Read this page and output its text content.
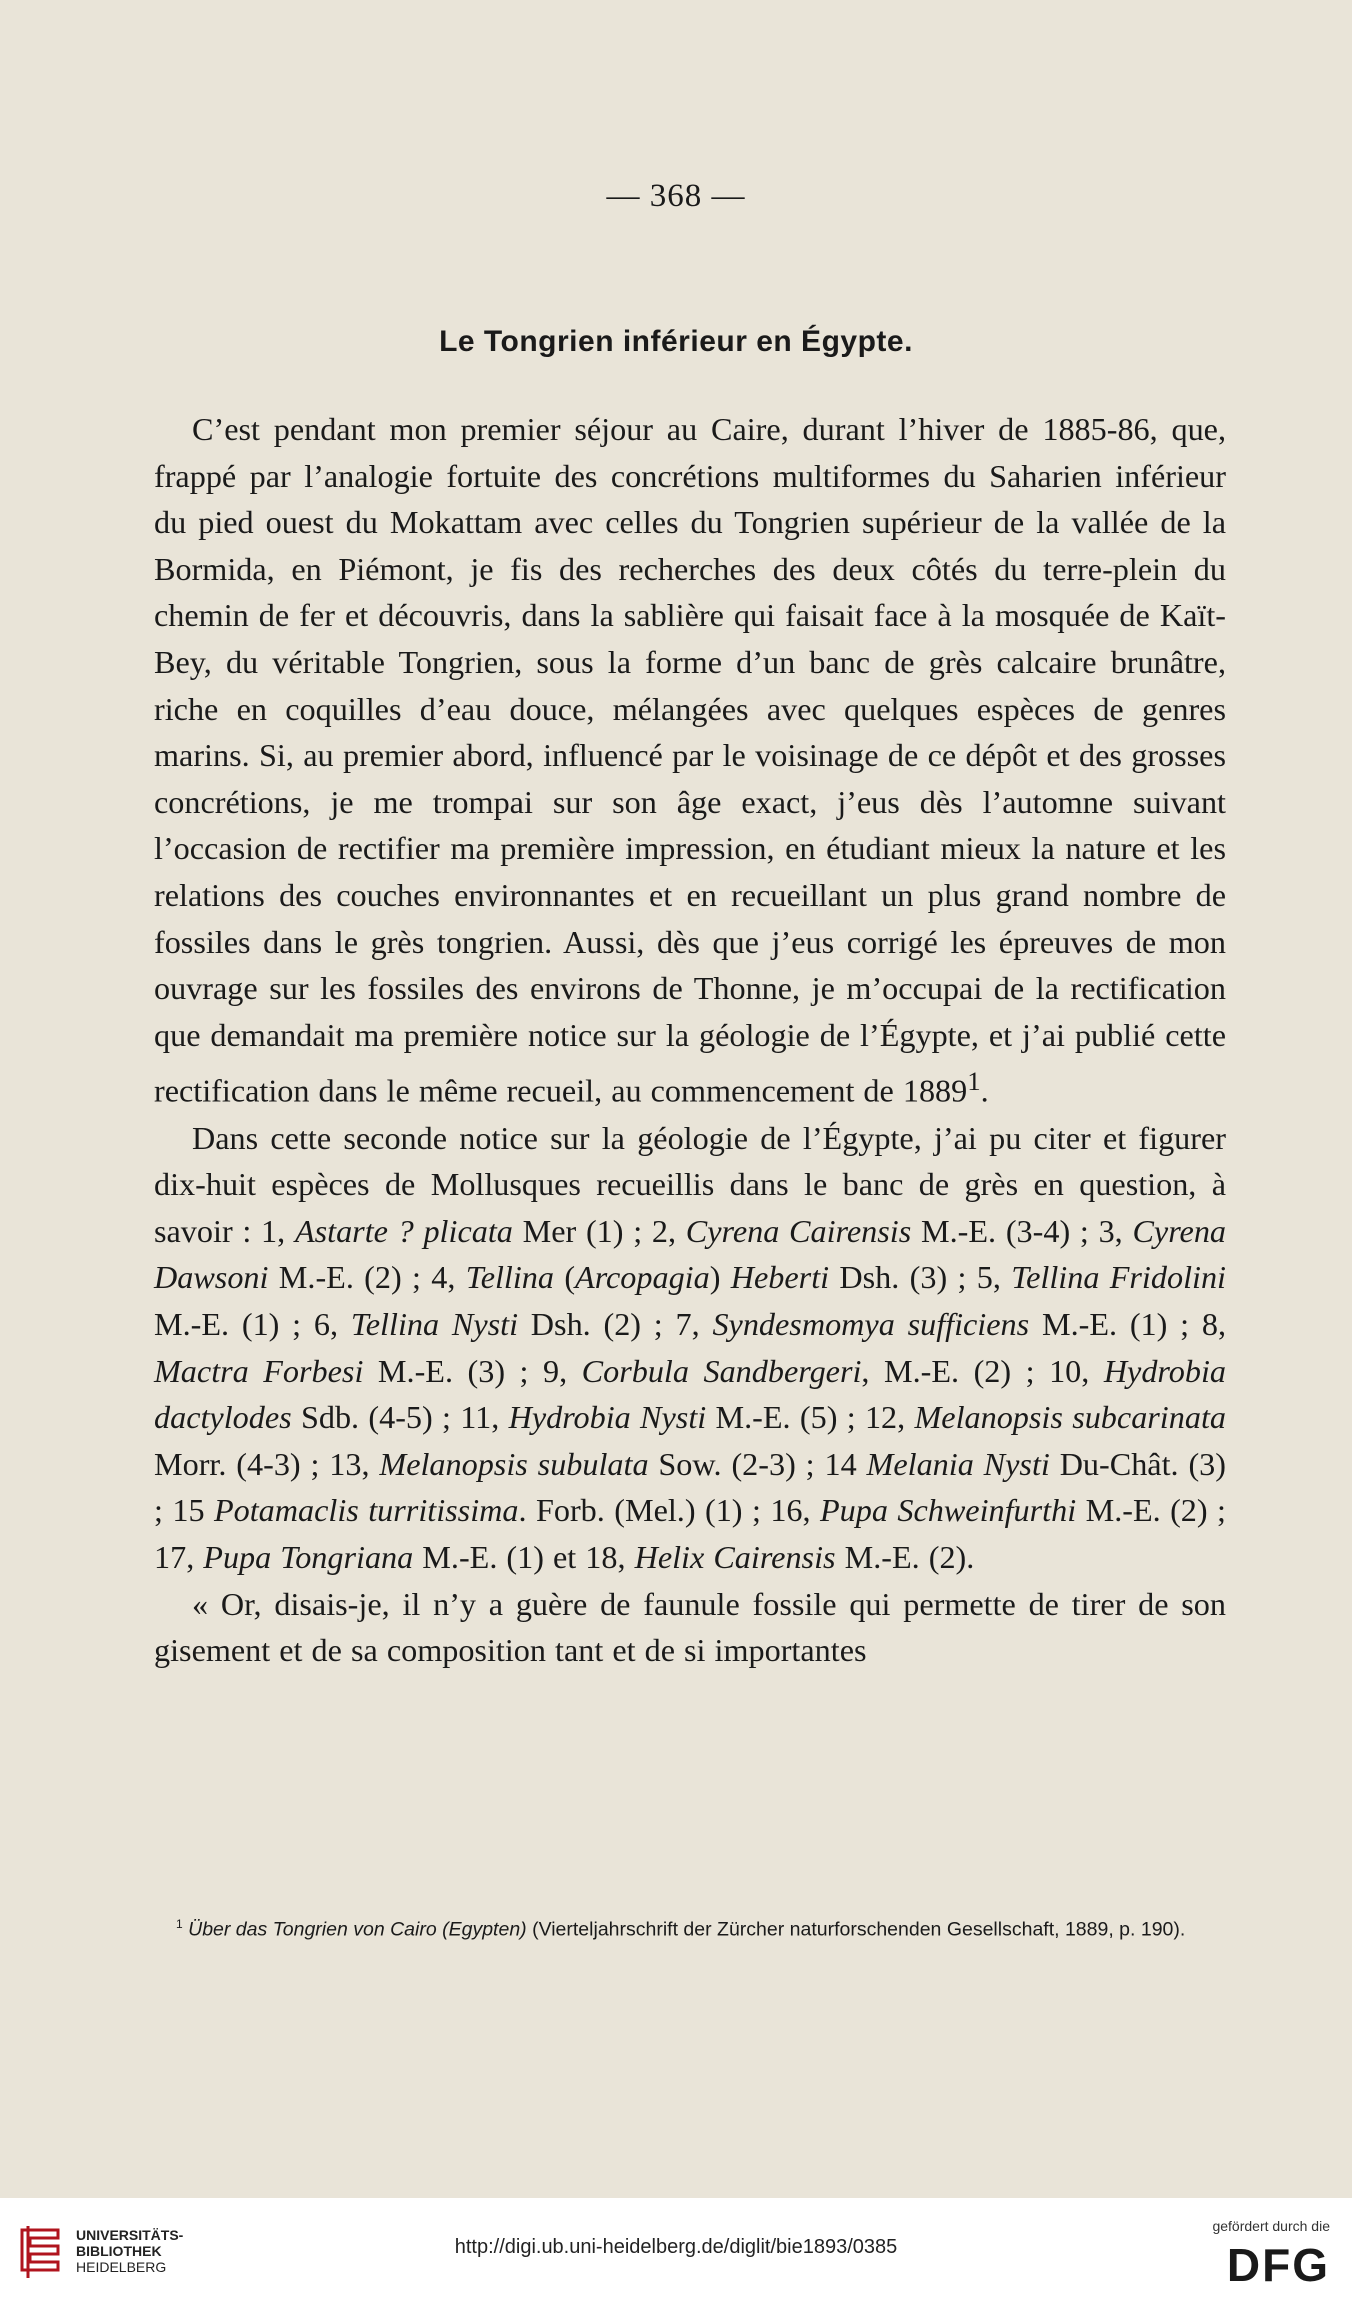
— 368 —
Le Tongrien inférieur en Égypte.

C’est pendant mon premier séjour au Caire, durant l’hiver de 1885-86, que, frappé par l’analogie fortuite des concrétions multiformes du Saharien inférieur du pied ouest du Mokattam avec celles du Tongrien supérieur de la vallée de la Bormida, en Piémont, je fis des recherches des deux côtés du terre-plein du chemin de fer et découvris, dans la sablière qui faisait face à la mosquée de Kaït-Bey, du véritable Tongrien, sous la forme d’un banc de grès calcaire brunâtre, riche en coquilles d’eau douce, mélangées avec quelques espèces de genres marins. Si, au premier abord, influencé par le voisinage de ce dépôt et des grosses concrétions, je me trompai sur son âge exact, j’eus dès l’automne suivant l’occasion de rectifier ma première impression, en étudiant mieux la nature et les relations des couches environnantes et en recueillant un plus grand nombre de fossiles dans le grès tongrien. Aussi, dès que j’eus corrigé les épreuves de mon ouvrage sur les fossiles des environs de Thonne, je m’occupai de la rectification que demandait ma première notice sur la géologie de l’Égypte, et j’ai publié cette rectification dans le même recueil, au commencement de 1889$^1$.

Dans cette seconde notice sur la géologie de l’Égypte, j’ai pu citer et figurer dix-huit espèces de Mollusques recueillis dans le banc de grès en question, à savoir : 1, Astarte ? plicata Mer (1) ; 2, Cyrena Cairensis M.-E. (3-4) ; 3, Cyrena Dawsoni M.-E. (2) ; 4, Tellina (Arcopagia) Heberti Dsh. (3) ; 5, Tellina Fridolini M.-E. (1) ; 6, Tellina Nysti Dsh. (2) ; 7, Syndesmomya sufficiens M.-E. (1) ; 8, Mactra Forbesi M.-E. (3) ; 9, Corbula Sandbergeri, M.-E. (2) ; 10, Hydrobia dactylodes Sdb. (4-5) ; 11, Hydrobia Nysti M.-E. (5) ; 12, Melanopsis subcarinata Morr. (4-3) ; 13, Melanopsis subulata Sow. (2-3) ; 14 Melania Nysti Du-Chât. (3) ; 15 Potamaclis turritissima. Forb. (Mel.) (1) ; 16, Pupa Schweinfurthi M.-E. (2) ; 17, Pupa Tongriana M.-E. (1) et 18, Helix Cairensis M.-E. (2).

« Or, disais-je, il n’y a guère de faunule fossile qui permette de tirer de son gisement et de sa composition tant et de si importantes

$^1$ Über das Tongrien von Cairo (Egypten) (Vierteljahrschrift der Zürcher naturforschenden Gesellschaft, 1889, p. 190).
UNIVERSITÄTS-
BIBLIOTHEK
HEIDELBERG
http://digi.ub.uni-heidelberg.de/diglit/bie1893/0385
gefördert durch die
DFG
